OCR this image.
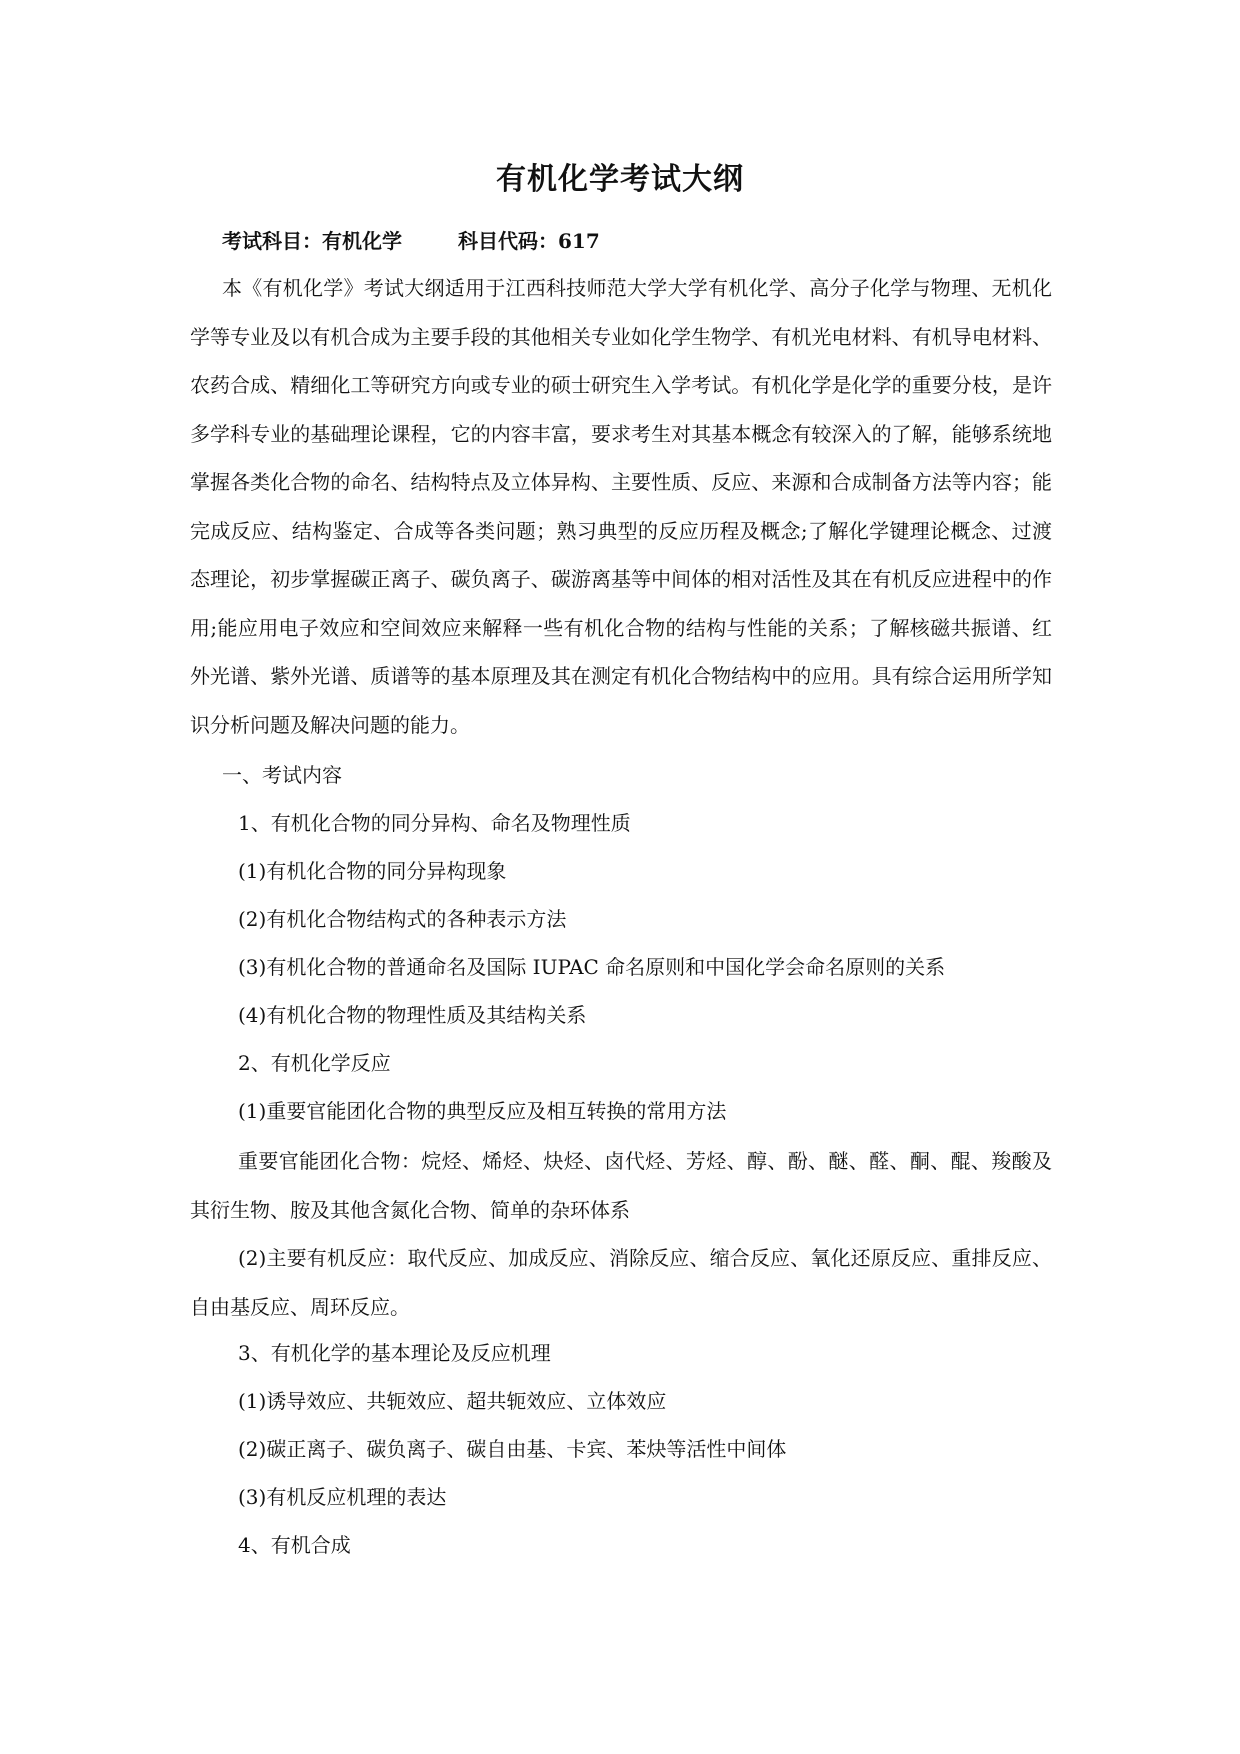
有机化学考试大纲
考试科目：有机化学	科目代码：617
本《有机化学》考试大纲适用于江西科技师范大学大学有机化学、高分子化学与物理、无机化学等专业及以有机合成为主要手段的其他相关专业如化学生物学、有机光电材料、有机导电材料、农药合成、精细化工等研究方向或专业的硕士研究生入学考试。有机化学是化学的重要分枝，是许多学科专业的基础理论课程，它的内容丰富，要求考生对其基本概念有较深入的了解，能够系统地掌握各类化合物的命名、结构特点及立体异构、主要性质、反应、来源和合成制备方法等内容；能完成反应、结构鉴定、合成等各类问题；熟习典型的反应历程及概念;了解化学键理论概念、过渡态理论，初步掌握碳正离子、碳负离子、碳游离基等中间体的相对活性及其在有机反应进程中的作用;能应用电子效应和空间效应来解释一些有机化合物的结构与性能的关系；了解核磁共振谱、红外光谱、紫外光谱、质谱等的基本原理及其在测定有机化合物结构中的应用。具有综合运用所学知识分析问题及解决问题的能力。
一、考试内容
1、有机化合物的同分异构、命名及物理性质
(1)有机化合物的同分异构现象
(2)有机化合物结构式的各种表示方法
(3)有机化合物的普通命名及国际 IUPAC 命名原则和中国化学会命名原则的关系
(4)有机化合物的物理性质及其结构关系
2、有机化学反应
(1)重要官能团化合物的典型反应及相互转换的常用方法
重要官能团化合物：烷烃、烯烃、炔烃、卤代烃、芳烃、醇、酚、醚、醛、酮、醌、羧酸及其衍生物、胺及其他含氮化合物、简单的杂环体系
(2)主要有机反应：取代反应、加成反应、消除反应、缩合反应、氧化还原反应、重排反应、自由基反应、周环反应。
3、有机化学的基本理论及反应机理
(1)诱导效应、共轭效应、超共轭效应、立体效应
(2)碳正离子、碳负离子、碳自由基、卡宾、苯炔等活性中间体
(3)有机反应机理的表达
4、有机合成
